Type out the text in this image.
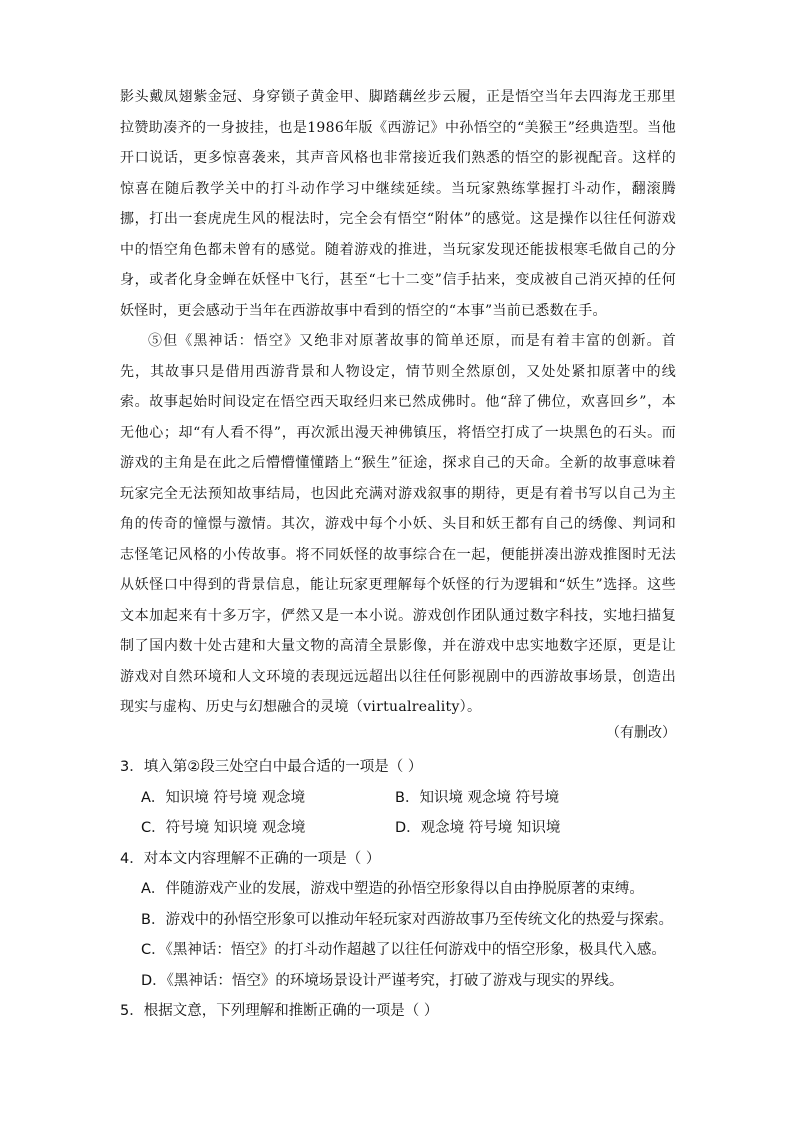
影头戴凤翅紫金冠、身穿锁子黄金甲、脚踏藕丝步云履，正是悟空当年去四海龙王那里拉赞助凑齐的一身披挂，也是1986年版《西游记》中孙悟空的“美猴王”经典造型。当他开口说话，更多惊喜袭来，其声音风格也非常接近我们熟悉的悟空的影视配音。这样的惊喜在随后教学关中的打斗动作学习中继续延续。当玩家熟练掌握打斗动作，翻滚腾挪，打出一套虎虎生风的棍法时，完全会有悟空“附体”的感觉。这是操作以往任何游戏中的悟空角色都未曾有的感觉。随着游戏的推进，当玩家发现还能拔根寒毛做自己的分身，或者化身金蝉在妖怪中飞行，甚至“七十二变”信手拈来，变成被自己消灭掉的任何妖怪时，更会感动于当年在西游故事中看到的悟空的“本事”当前已悉数在手。

⑤但《黑神话：悟空》又绝非对原著故事的简单还原，而是有着丰富的创新。首先，其故事只是借用西游背景和人物设定，情节则全然原创，又处处紧扣原著中的线索。故事起始时间设定在悟空西天取经归来已然成佛时。他“辞了佛位，欢喜回乡”，本无他心；却“有人看不得”，再次派出漫天神佛镇压，将悟空打成了一块黑色的石头。而游戏的主角是在此之后懵懵懂懂踏上“猴生”征途，探求自己的天命。全新的故事意味着玩家完全无法预知故事结局，也因此充满对游戏叙事的期待，更是有着书写以自己为主角的传奇的憧憬与激情。其次，游戏中每个小妖、头目和妖王都有自己的绣像、判词和志怪笔记风格的小传故事。将不同妖怪的故事综合在一起，便能拼凑出游戏推图时无法从妖怪口中得到的背景信息，能让玩家更理解每个妖怪的行为逻辑和“妖生”选择。这些文本加起来有十多万字，俨然又是一本小说。游戏创作团队通过数字科技，实地扫描复制了国内数十处古建和大量文物的高清全景影像，并在游戏中忠实地数字还原，更是让游戏对自然环境和人文环境的表现远远超出以往任何影视剧中的西游故事场景，创造出现实与虚构、历史与幻想融合的灵境（virtualreality）。

（有删改）

3．填入第②段三处空白中最合适的一项是（ ）

A．知识境 符号境 观念境	B．知识境 观念境 符号境
C．符号境 知识境 观念境	D．观念境 符号境 知识境

4．对本文内容理解不正确的一项是（ ）

A．伴随游戏产业的发展，游戏中塑造的孙悟空形象得以自由挣脱原著的束缚。

B．游戏中的孙悟空形象可以推动年轻玩家对西游故事乃至传统文化的热爱与探索。

C．《黑神话：悟空》的打斗动作超越了以往任何游戏中的悟空形象，极具代入感。

D．《黑神话：悟空》的环境场景设计严谨考究，打破了游戏与现实的界线。

5．根据文意，下列理解和推断正确的一项是（ ）
